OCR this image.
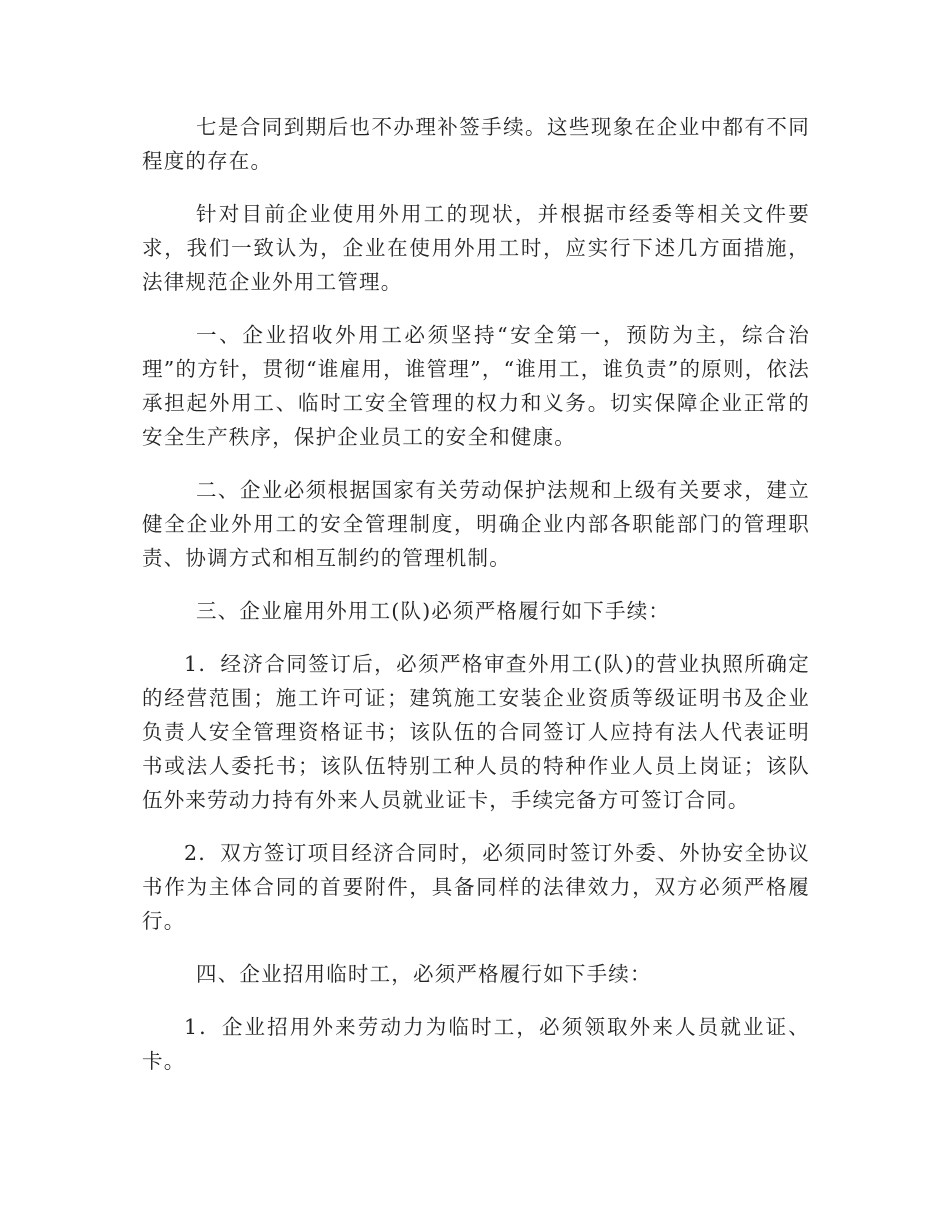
七是合同到期后也不办理补签手续。这些现象在企业中都有不同程度的存在。

针对目前企业使用外用工的现状，并根据市经委等相关文件要求，我们一致认为，企业在使用外用工时，应实行下述几方面措施，法律规范企业外用工管理。

一、企业招收外用工必须坚持“安全第一，预防为主，综合治理”的方针，贯彻“谁雇用，谁管理”，“谁用工，谁负责”的原则，依法承担起外用工、临时工安全管理的权力和义务。切实保障企业正常的安全生产秩序，保护企业员工的安全和健康。

二、企业必须根据国家有关劳动保护法规和上级有关要求，建立健全企业外用工的安全管理制度，明确企业内部各职能部门的管理职责、协调方式和相互制约的管理机制。

三、企业雇用外用工(队)必须严格履行如下手续：

1．经济合同签订后，必须严格审查外用工(队)的营业执照所确定的经营范围；施工许可证；建筑施工安装企业资质等级证明书及企业负责人安全管理资格证书；该队伍的合同签订人应持有法人代表证明书或法人委托书；该队伍特别工种人员的特种作业人员上岗证；该队伍外来劳动力持有外来人员就业证卡，手续完备方可签订合同。

2．双方签订项目经济合同时，必须同时签订外委、外协安全协议书作为主体合同的首要附件，具备同样的法律效力，双方必须严格履行。

四、企业招用临时工，必须严格履行如下手续：

1．企业招用外来劳动力为临时工，必须领取外来人员就业证、卡。
